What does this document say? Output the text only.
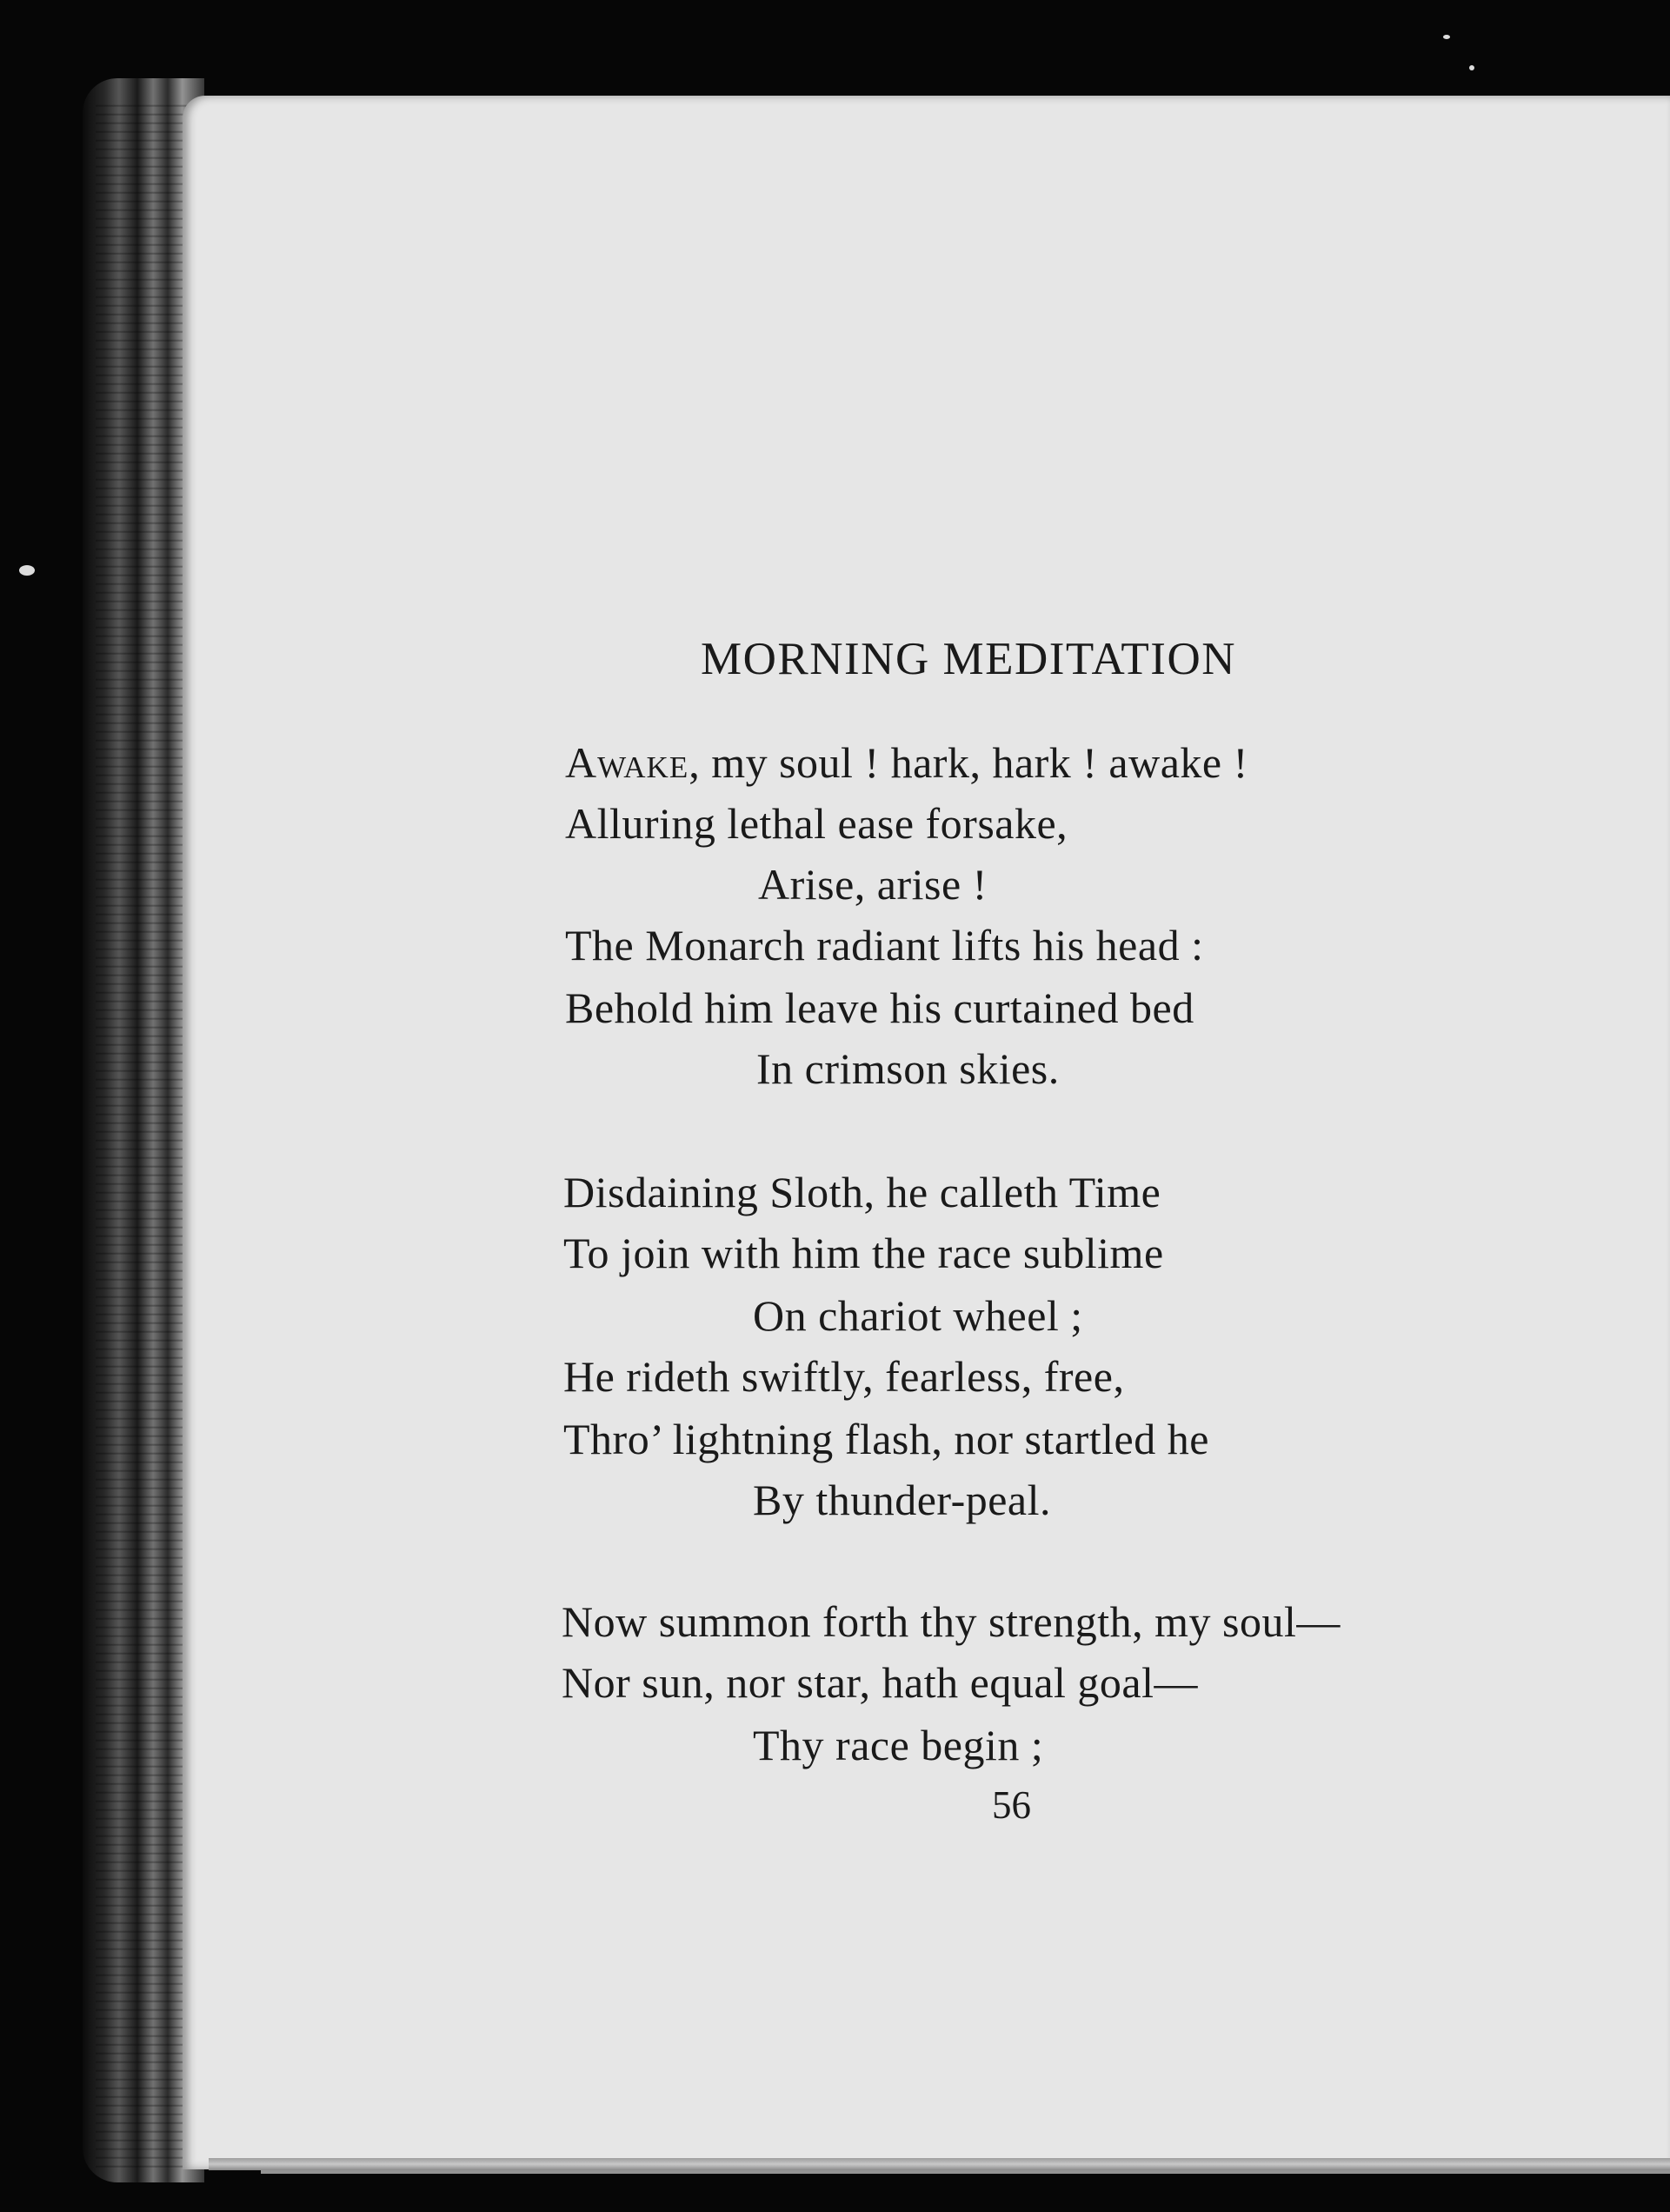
MORNING MEDITATION
Awake, my soul ! hark, hark ! awake !
Alluring lethal ease forsake,
Arise, arise !
The Monarch radiant lifts his head :
Behold him leave his curtained bed
In crimson skies.
Disdaining Sloth, he calleth Time
To join with him the race sublime
On chariot wheel ;
He rideth swiftly, fearless, free,
Thro’ lightning flash, nor startled he
By thunder-peal.
Now summon forth thy strength, my soul—
Nor sun, nor star, hath equal goal—
Thy race begin ;
56
